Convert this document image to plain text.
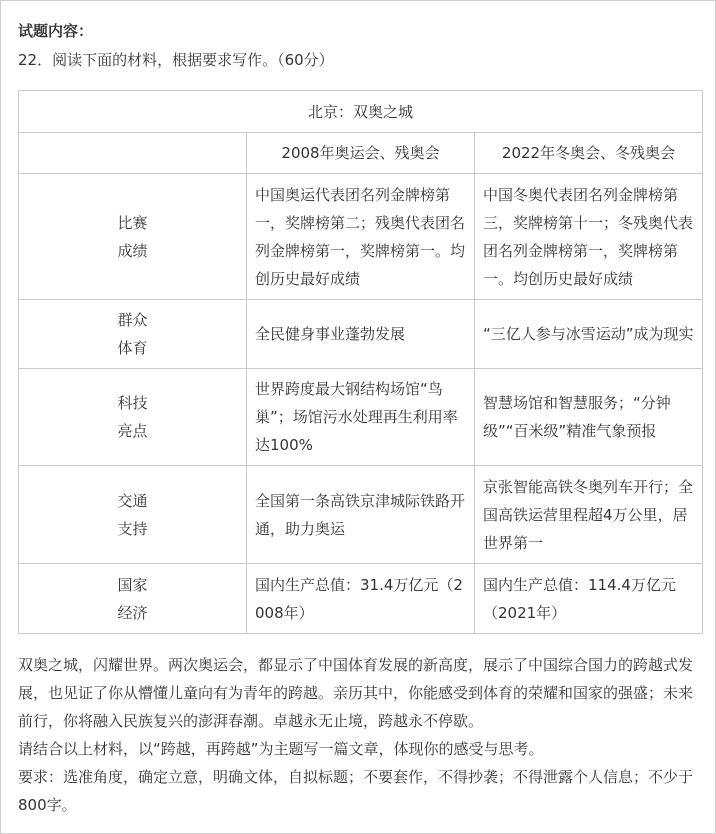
试题内容：
22．阅读下面的材料，根据要求写作。（60分）
北京：双奥之城		
	2008年奥运会、残奥会	2022年冬奥会、冬残奥会

比赛
成绩	中国奥运代表团名列金牌榜第一，奖牌榜第二；残奥代表团名列金牌榜第一，奖牌榜第一。均创历史最好成绩	中国冬奥代表团名列金牌榜第三，奖牌榜第十一；冬残奥代表团名列金牌榜第一，奖牌榜第一。均创历史最好成绩

群众
体育	全民健身事业蓬勃发展	“三亿人参与冰雪运动”成为现实

科技
亮点	世界跨度最大钢结构场馆“鸟巢”；场馆污水处理再生利用率达100%	智慧场馆和智慧服务；“分钟级”“百米级”精准气象预报

交通
支持	全国第一条高铁京津城际铁路开通，助力奥运	京张智能高铁冬奥列车开行；全国高铁运营里程超4万公里，居世界第一

国家
经济	国内生产总值：31.4万亿元（2008年）	国内生产总值：114.4万亿元（2021年）

双奥之城，闪耀世界。两次奥运会，都显示了中国体育发展的新高度，展示了中国综合国力的跨越式发展，也见证了你从懵懂儿童向有为青年的跨越。亲历其中，你能感受到体育的荣耀和国家的强盛；未来前行，你将融入民族复兴的澎湃春潮。卓越永无止境，跨越永不停歇。

请结合以上材料，以“跨越，再跨越”为主题写一篇文章，体现你的感受与思考。

要求：选准角度，确定立意，明确文体，自拟标题；不要套作，不得抄袭；不得泄露个人信息；不少于800字。
